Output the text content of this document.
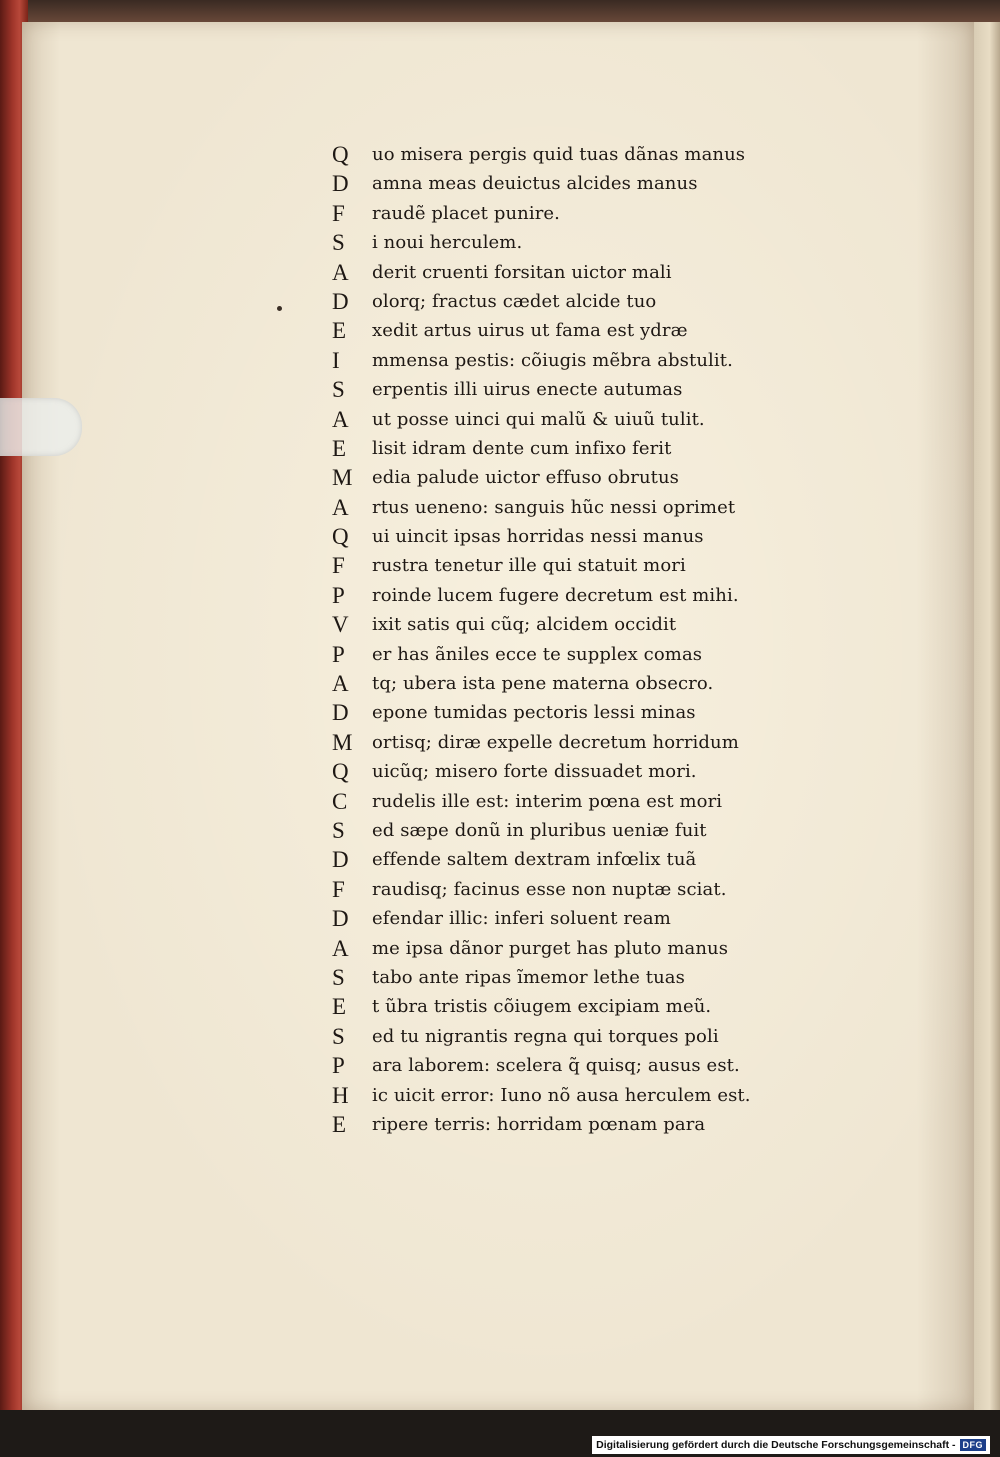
Q	uo misera pergis quid tuas dãnas manus
D	amna meas deuictus alcides manus
F	raudẽ placet punire.
S	i noui herculem.
A	derit cruenti forsitan uictor mali
D	olorq; fractus cædet alcide tuo
E	xedit artus uirus ut fama est ydræ
I	mmensa pestis: cõiugis mẽbra abstulit.
S	erpentis illi uirus enecte autumas
A	ut posse uinci qui malũ & uiuũ tulit.
E	lisit idram dente cum infixo ferit
M	edia palude uictor effuso obrutus
A	rtus ueneno: sanguis hũc nessi oprimet
Q	ui uincit ipsas horridas nessi manus
F	rustra tenetur ille qui statuit mori
P	roinde lucem fugere decretum est mihi.
V	ixit satis qui cũq; alcidem occidit
P	er has ãniles ecce te supplex comas
A	tq; ubera ista pene materna obsecro.
D	epone tumidas pectoris lessi minas
M	ortisq; diræ expelle decretum horridum
Q	uicũq; misero forte dissuadet mori.
C	rudelis ille est: interim pœna est mori
S	ed sæpe donũ in pluribus ueniæ fuit
D	effende saltem dextram infœlix tuã
F	raudisq; facinus esse non nuptæ sciat.
D	efendar illic: inferi soluent ream
A	me ipsa dãnor purget has pluto manus
S	tabo ante ripas ĩmemor lethe tuas
E	t ũbra tristis cõiugem excipiam meũ.
S	ed tu nigrantis regna qui torques poli
P	ara laborem: scelera q̃ quisq; ausus est.
H	ic uicit error: Iuno nõ ausa herculem est.
E	ripere terris: horridam pœnam para
Digitalisierung gefördert durch die Deutsche Forschungsgemeinschaft - DFG
